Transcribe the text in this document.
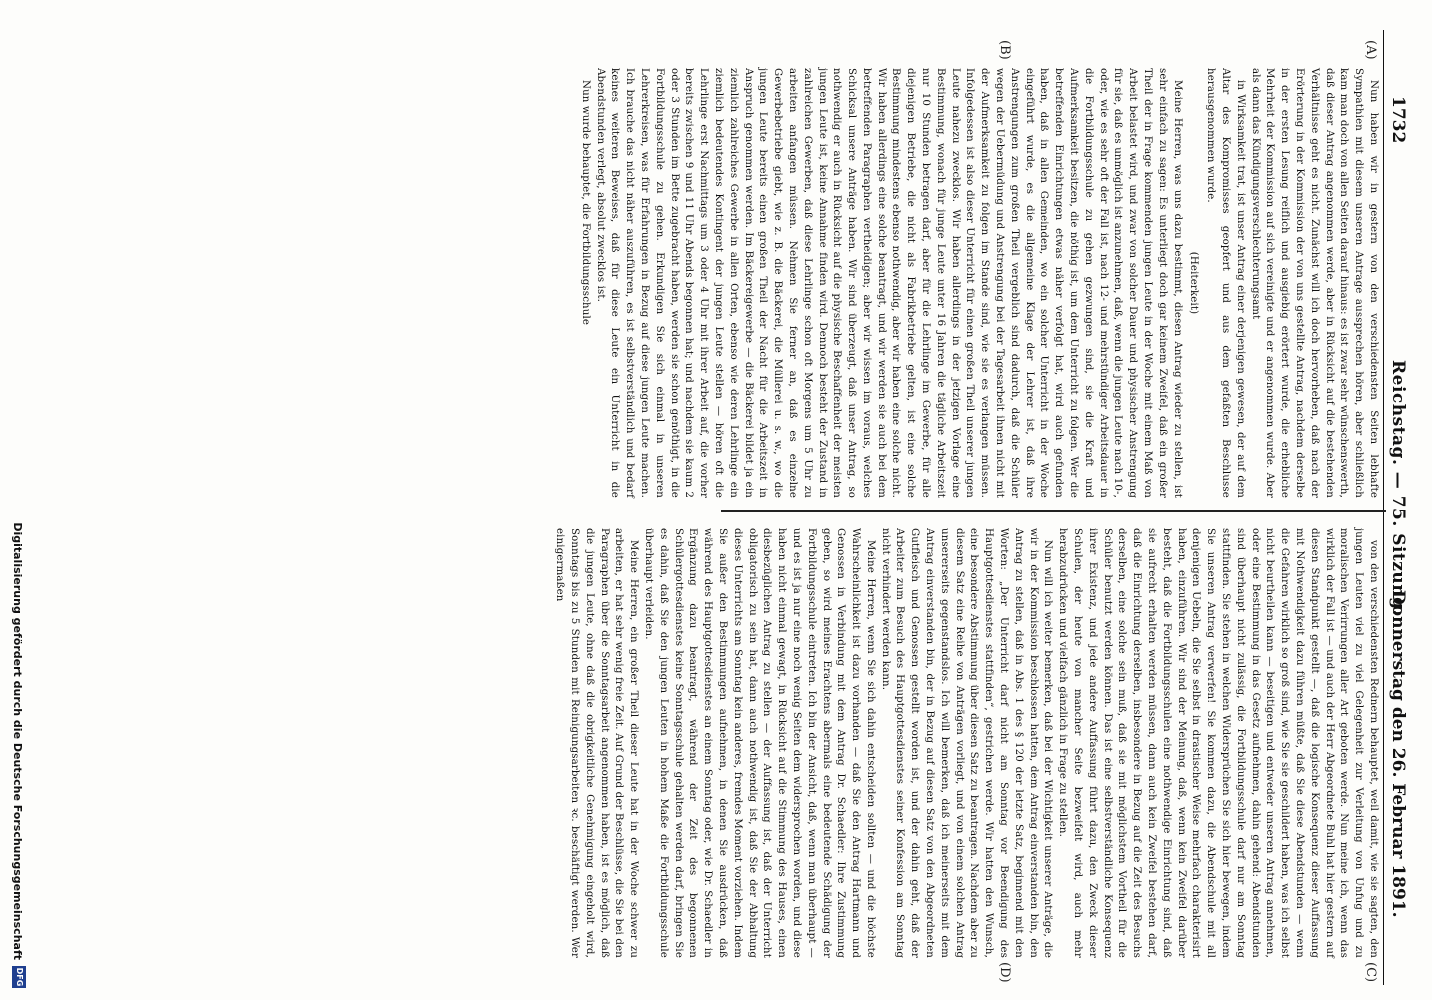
1732
Reichstag. — 75. Sitzung.
Donnerstag den 26. Februar 1891.
(A)
(C)
(B)
(D)

Nun haben wir in gestern von den verschiedensten Seiten lebhafte Sympathien mit diesem unseren Antrage aussprechen hören, aber schließlich kam man doch von allen Seiten darauf hinaus: es ist zwar sehr wünschenswerth, daß dieser Antrag angenommen werde, aber in Rücksicht auf die bestehenden Verhältnisse geht es nicht. Zunächst will ich doch hervorheben, daß nach der Erörterung in der Kommission der von uns gestellte Antrag, nachdem derselbe in der ersten Lesung reiflich und ausgiebig erörtert wurde, die erhebliche Mehrheit der Kommission auf sich vereinigte und er angenommen wurde. Aber als dann das Kündigungsverschlechterungsamt

in Wirksamkeit trat, ist unser Antrag einer derjenigen gewesen, der auf dem Altar des Kompromisses geopfert und aus dem gefaßten Beschlusse herausgenommen wurde.

(Heiterkeit)

Meine Herren, was uns dazu bestimmt, diesen Antrag wieder zu stellen, ist sehr einfach zu sagen: Es unterliegt doch gar keinem Zweifel, daß ein großer Theil der in Frage kommenden jungen Leute in der Woche mit einem Maß von Arbeit belastet wird, und zwar von solcher Dauer und physischer Anstrengung für sie, daß es unmöglich ist anzunehmen, daß, wenn die jungen Leute nach 10-, oder, wie es sehr oft der Fall ist, nach 12- und mehrstündiger Arbeitsdauer in die Fortbildungsschule zu gehen gezwungen sind, sie die Kraft und Aufmerksamkeit besitzen, die nöthig ist, um dem Unterricht zu folgen. Wer die betreffenden Einrichtungen etwas näher verfolgt hat, wird auch gefunden haben, daß in allen Gemeinden, wo ein solcher Unterricht in der Woche eingeführt wurde, es die allgemeine Klage der Lehrer ist, daß ihre Anstrengungen zum großen Theil vergeblich sind dadurch, daß die Schüler wegen der Uebermüdung und Anstrengung bei der Tagesarbeit ihnen nicht mit der Aufmerksamkeit zu folgen im Stande sind, wie sie es verlangen müssen. Infolgedessen ist also dieser Unterricht für einen großen Theil unserer jungen Leute nahezu zwecklos. Wir haben allerdings in der jetzigen Vorlage eine Bestimmung, wonach für junge Leute unter 16 Jahren die tägliche Arbeitszeit nur 10 Stunden betragen darf, aber für die Lehrlinge im Gewerbe, für alle diejenigen Betriebe, die nicht als Fabrikbetriebe gelten, ist eine solche Bestimmung mindestens ebenso nothwendig, aber wir haben eine solche nicht. Wir haben allerdings eine solche beantragt, und wir werden sie auch bei dem betreffenden Paragraphen vertheidigen; aber wir wissen im voraus, welches Schicksal unsere Anträge haben. Wir sind überzeugt, daß unser Antrag, so nothwendig er auch in Rücksicht auf die physische Beschaffenheit der meisten jungen Leute ist, keine Annahme finden wird. Dennoch besteht der Zustand in zahlreichen Gewerben, daß diese Lehrlinge schon oft Morgens um 5 Uhr zu arbeiten anfangen müssen. Nehmen Sie ferner an, daß es einzelne Gewerbebetriebe giebt, wie z. B. die Bäckerei, die Müllerei u. s. w., wo die jungen Leute bereits einen großen Theil der Nacht für die Arbeitszeit in Anspruch genommen werden. Im Bäckereigewerbe — die Bäckerei bildet ja ein ziemlich zahlreiches Gewerbe in allen Orten, ebenso wie deren Lehrlinge ein ziemlich bedeutendes Kontingent der jungen Leute stellen — hören oft die Lehrlinge erst Nachmittags um 3 oder 4 Uhr mit ihrer Arbeit auf, die vorher bereits zwischen 9 und 11 Uhr Abends begonnen hat; und nachdem sie kaum 2 oder 3 Stunden im Bette zugebracht haben, werden sie schon genöthigt, in die Fortbildungsschule zu gehen. Erkundigen Sie sich einmal in unseren Lehrerkreisen, was für Erfahrungen in Bezug auf diese jungen Leute machen. Ich brauche das nicht näher auszuführen, es ist selbstverständlich und bedarf keines weiteren Beweises, daß für diese Leute ein Unterricht in die Abendstunden verlegt, absolut zwecklos ist.

Nun wurde behauptet, die Fortbildungsschule

von den verschiedensten Rednern behauptet, weil damit, wie sie sagten, den jungen Leuten viel zu viel Gelegenheit zur Verleitung von Unfug und zu moralischen Verirrungen aller Art geboten werde. Nun meine ich, wenn das wirklich der Fall ist — und auch der Herr Abgeordnete Buhl hat hier gestern auf diesen Standpunkt gestellt —, daß die logische Konsequenz dieser Auffassung mit Nothwendigkeit dazu führen müßte, daß Sie diese Abendstunden — wenn die Gefahren wirklich so groß sind, wie Sie sie geschildert haben, was ich selbst nicht beurtheilen kann — beseitigen und entweder unseren Antrag annehmen, oder eine Bestimmung in das Gesetz aufnehmen, dahin gehend: Abendstunden sind überhaupt nicht zulässig, die Fortbildungsschule darf nur am Sonntag stattfinden. Sie stehen in welchen Widersprüchen Sie sich hier bewegen, indem Sie unseren Antrag verwerfen! Sie kommen dazu, die Abendschule mit all denjenigen Uebeln, die Sie selbst in drastischer Weise mehrfach charakterisirt haben, einzuführen. Wir sind der Meinung, daß, wenn kein Zweifel darüber besteht, daß die Fortbildungsschulen eine nothwendige Einrichtung sind, daß sie aufrecht erhalten werden müssen, dann auch kein Zweifel bestehen darf, daß die Einrichtung derselben, insbesondere in Bezug auf die Zeit des Besuchs derselben, eine solche sein muß, daß sie mit möglichstem Vortheil für die Schüler benutzt werden können. Das ist eine selbstverständliche Konsequenz ihrer Existenz, und jede andere Auffassung führt dazu, den Zweck dieser Schulen, der heute von mancher Seite bezweifelt wird, auch mehr herabzudrücken und vielfach gänzlich in Frage zu stellen.

Nun will ich weiter bemerken, daß bei der Wichtigkeit unserer Anträge, die wir in der Kommission beschlossen hatten, dem Antrag einverstanden bin, den Antrag zu stellen, daß in Abs. 1 des § 120 der letzte Satz, beginnend mit den Worten: „Der Unterricht darf nicht am Sonntag vor Beendigung des Hauptgottesdienstes stattfinden“, gestrichen werde. Wir hatten den Wunsch, eine besondere Abstimmung über diesen Satz zu beantragen. Nachdem aber zu diesem Satz eine Reihe von Anträgen vorliegt, und von einem solchen Antrag unsererseits gegenstandslos. Ich will bemerken, daß ich meinerseits mit dem Antrag einverstanden bin, der in Bezug auf diesen Satz von den Abgeordneten Gutfleisch und Genossen gestellt worden ist, und der dahin geht, daß der Arbeiter zum Besuch des Hauptgottesdienstes seiner Konfession am Sonntag nicht verhindert werden kann.

Meine Herren, wenn Sie sich dahin entscheiden sollten — und die höchste Wahrscheinlichkeit ist dazu vorhanden — daß Sie den Antrag Hartmann und Genossen in Verbindung mit dem Antrag Dr. Schaedler: Ihre Zustimmung geben, so wird meines Erachtens abermals eine bedeutende Schädigung der Fortbildungsschule eintreten. Ich bin der Ansicht, daß, wenn man überhaupt — und es ist ja nur eine noch wenig Seiten dem widersprochen worden, und diese haben nicht einmal gewagt, in Rücksicht auf die Stimmung des Hauses, einen diesbezüglichen Antrag zu stellen — der Auffassung ist, daß der Unterricht obligatorisch zu sein hat, dann auch nothwendig ist, daß Sie der Abhaltung dieses Unterrichts am Sonntag kein anderes, fremdes Moment vorziehen. Indem Sie außer den Bestimmungen aufnehmen, in denen Sie ausdrücken, daß während des Hauptgottesdienstes an einem Sonntag oder, wie Dr. Schaedler in Ergänzung dazu beantragt, während der Zeit des begonnenen Schülergottesdienstes keine Sonntagsschule gehalten werden darf, bringen Sie es dahin, daß Sie den jungen Leuten in hohem Maße die Fortbildungsschule überhaupt verleiden.

Meine Herren, ein großer Theil dieser Leute hat in der Woche schwer zu arbeiten, er hat sehr wenig freie Zeit. Auf Grund der Beschlüsse, die Sie bei den Paragraphen über die Sonntagsarbeit angenommen haben, ist es möglich, daß die jungen Leute, ohne daß die obrigkeitliche Genehmigung eingeholt wird, Sonntags bis zu 5 Stunden mit Reinigungsarbeiten ꝛc. beschäftigt werden. Wer einigermaßen

Digitalisierung gefördert durch die Deutsche Forschungsgemeinschaft
DFG
